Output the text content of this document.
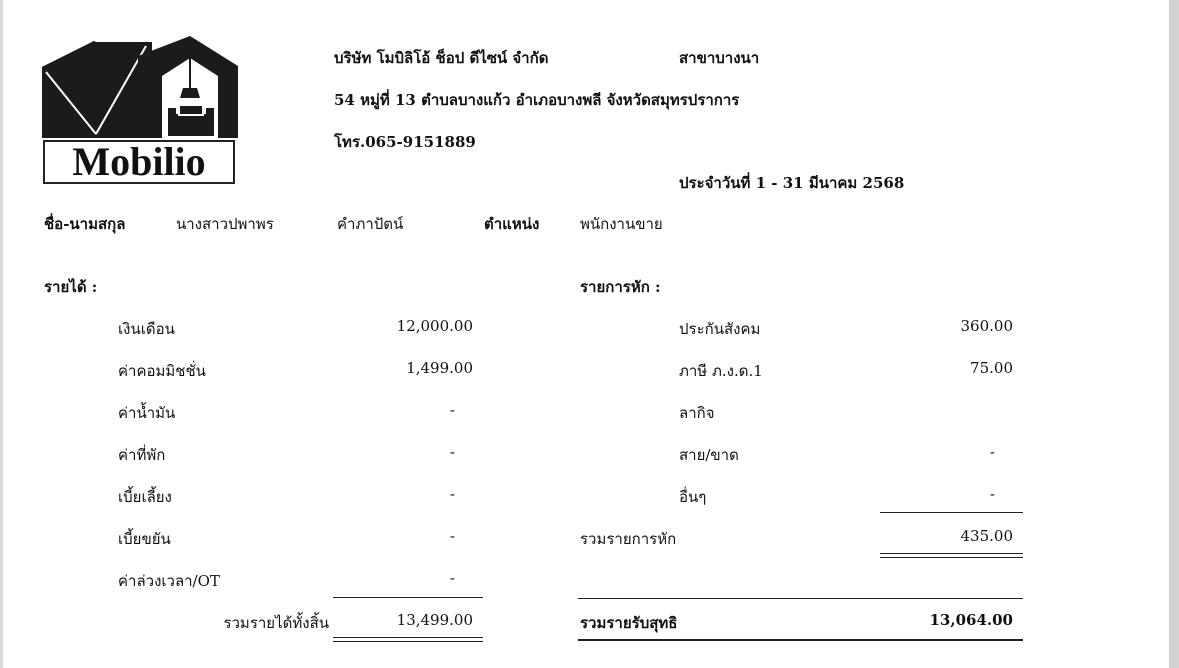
Mobilio
บริษัท โมบิลิโอ้ ช็อป ดีไซน์ จำกัด	สาขาบางนา
54 หมู่ที่ 13 ตำบลบางแก้ว อำเภอบางพลี จังหวัดสมุทรปราการ
โทร.065-9151889
ประจำวันที่ 1 - 31 มีนาคม 2568
ชื่อ-นามสกุล	นางสาวปพาพร	คำภาปัตน์	ตำแหน่ง	พนักงานขาย
รายได้ :
เงินเดือน	12,000.00
ค่าคอมมิชชั่น	1,499.00
ค่าน้ำมัน	-
ค่าที่พัก	-
เบี้ยเลี้ยง	-
เบี้ยขยัน	-
ค่าล่วงเวลา/OT	-
รวมรายได้ทั้งสิ้น	13,499.00
รายการหัก :
ประกันสังคม	360.00
ภาษี ภ.ง.ด.1	75.00
ลากิจ
สาย/ขาด	-
อื่นๆ	-
รวมรายการหัก	435.00
รวมรายรับสุทธิ	13,064.00
